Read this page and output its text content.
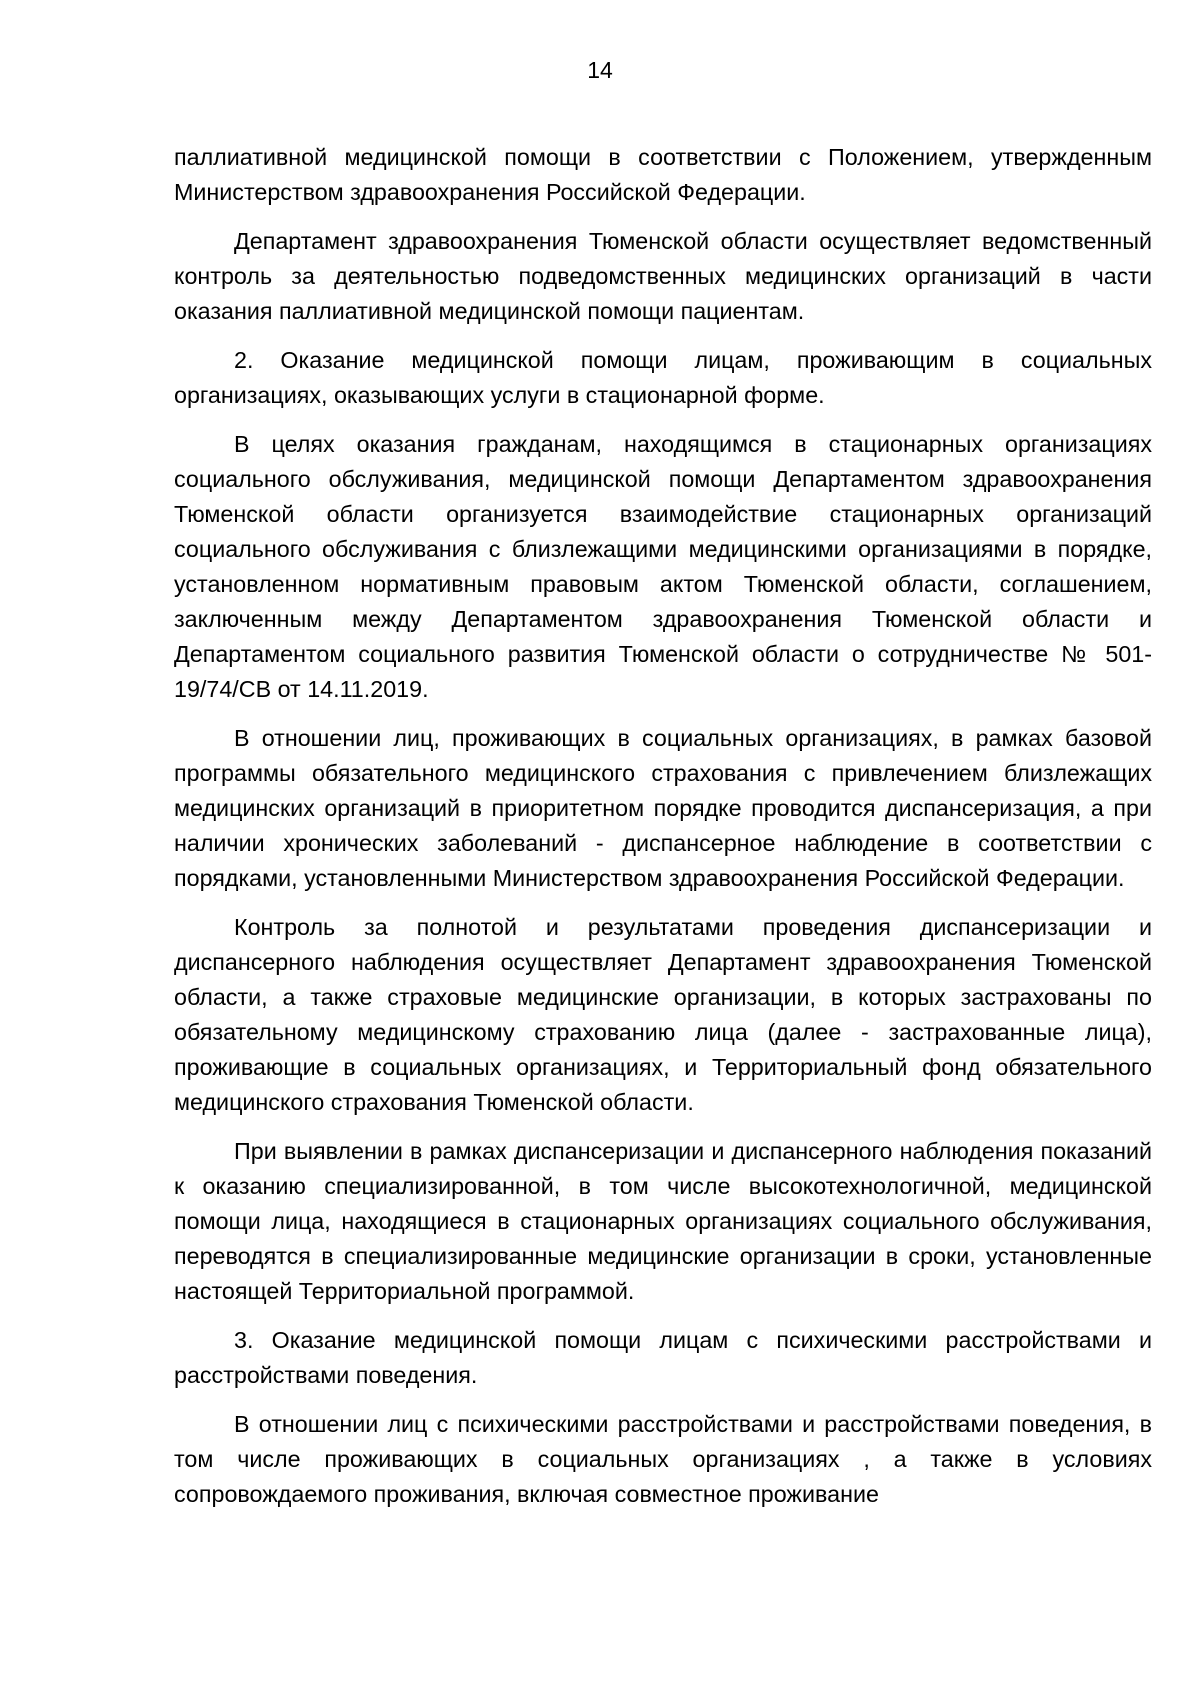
14

паллиативной медицинской помощи в соответствии с Положением, утвержденным Министерством здравоохранения Российской Федерации.

Департамент здравоохранения Тюменской области осуществляет ведомственный контроль за деятельностью подведомственных медицинских организаций в части оказания паллиативной медицинской помощи пациентам.

2. Оказание медицинской помощи лицам, проживающим в социальных организациях, оказывающих услуги в стационарной форме.

В целях оказания гражданам, находящимся в стационарных организациях социального обслуживания, медицинской помощи Департаментом здравоохранения Тюменской области организуется взаимодействие стационарных организаций социального обслуживания с близлежащими медицинскими организациями в порядке, установленном нормативным правовым актом Тюменской области, соглашением, заключенным между Департаментом здравоохранения Тюменской области и Департаментом социального развития Тюменской области о сотрудничестве № 501-19/74/СВ от 14.11.2019.

В отношении лиц, проживающих в социальных организациях, в рамках базовой программы обязательного медицинского страхования с привлечением близлежащих медицинских организаций в приоритетном порядке проводится диспансеризация, а при наличии хронических заболеваний - диспансерное наблюдение в соответствии с порядками, установленными Министерством здравоохранения Российской Федерации.

Контроль за полнотой и результатами проведения диспансеризации и диспансерного наблюдения осуществляет Департамент здравоохранения Тюменской области, а также страховые медицинские организации, в которых застрахованы по обязательному медицинскому страхованию лица (далее - застрахованные лица), проживающие в социальных организациях, и Территориальный фонд обязательного медицинского страхования Тюменской области.

При выявлении в рамках диспансеризации и диспансерного наблюдения показаний к оказанию специализированной, в том числе высокотехнологичной, медицинской помощи лица, находящиеся в стационарных организациях социального обслуживания, переводятся в специализированные медицинские организации в сроки, установленные настоящей Территориальной программой.

3. Оказание медицинской помощи лицам с психическими расстройствами и расстройствами поведения.

В отношении лиц с психическими расстройствами и расстройствами поведения, в том числе проживающих в социальных организациях , а также в условиях сопровождаемого проживания, включая совместное проживание
